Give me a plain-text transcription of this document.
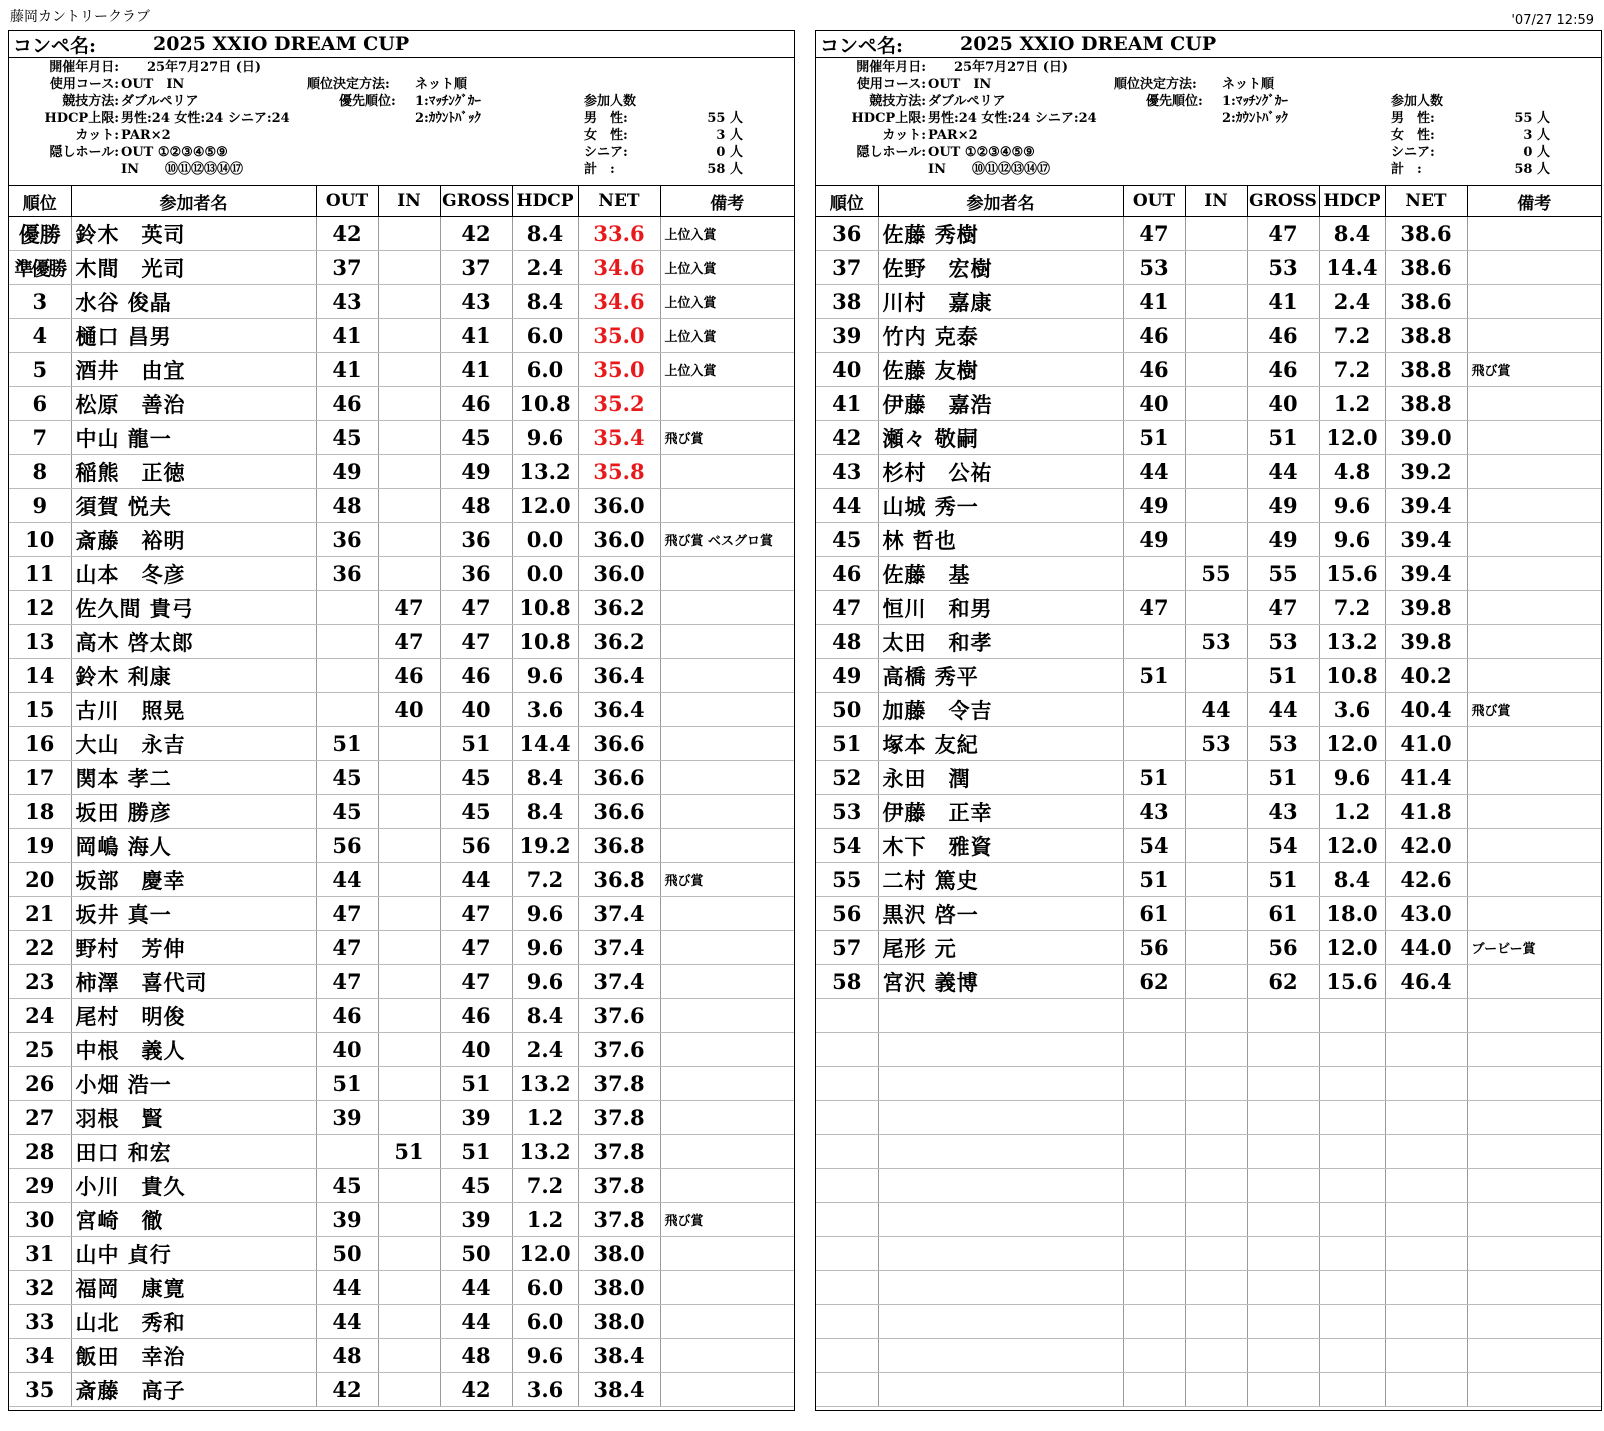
藤岡カントリークラブ	'07/27 12:59
コンペ名:	2025 XXIO DREAM CUP
開催年月日: 25年7月27日 (日)
使用コース: OUT　IN	順位決定方法: ネット順
競技方法: ダブルペリア	優先順位: 1:ﾏｯﾁﾝｸﾞｶｰ
2:ｶｳﾝﾄﾊﾞｯｸ
HDCP上限: 男性:24 女性:24 シニア:24
カット: PAR×2
隠しホール: OUT ①②③④⑤⑨
IN　　⑩⑪⑫⑬⑭⑰
参加人数
男　性:	55 人
女　性:	3 人
シニア:	0 人
計　:	58 人
順位	参加者名	OUT	IN	GROSS	HDCP	NET	備考
優勝	鈴木　英司	42		42	8.4	33.6	上位入賞
準優勝	木間　光司	37		37	2.4	34.6	上位入賞
3	水谷 俊晶	43		43	8.4	34.6	上位入賞
4	樋口 昌男	41		41	6.0	35.0	上位入賞
5	酒井　由宜	41		41	6.0	35.0	上位入賞
6	松原　善治	46		46	10.8	35.2	
7	中山 龍一	45		45	9.6	35.4	飛び賞
8	稲熊　正徳	49		49	13.2	35.8	
9	須賀 悦夫	48		48	12.0	36.0	
10	斎藤　裕明	36		36	0.0	36.0	飛び賞 ベスグロ賞
11	山本　冬彦	36		36	0.0	36.0	
12	佐久間 貴弓		47	47	10.8	36.2	
13	高木 啓太郎		47	47	10.8	36.2	
14	鈴木 利康		46	46	9.6	36.4	
15	古川　照晃		40	40	3.6	36.4	
16	大山　永吉	51		51	14.4	36.6	
17	関本 孝二	45		45	8.4	36.6	
18	坂田 勝彦	45		45	8.4	36.6	
19	岡嶋 海人	56		56	19.2	36.8	
20	坂部　慶幸	44		44	7.2	36.8	飛び賞
21	坂井 真一	47		47	9.6	37.4	
22	野村　芳伸	47		47	9.6	37.4	
23	柿澤　喜代司	47		47	9.6	37.4	
24	尾村　明俊	46		46	8.4	37.6	
25	中根　義人	40		40	2.4	37.6	
26	小畑 浩一	51		51	13.2	37.8	
27	羽根　賢	39		39	1.2	37.8	
28	田口 和宏		51	51	13.2	37.8	
29	小川　貴久	45		45	7.2	37.8	
30	宮崎　徹	39		39	1.2	37.8	飛び賞
31	山中 貞行	50		50	12.0	38.0	
32	福岡　康寛	44		44	6.0	38.0	
33	山北　秀和	44		44	6.0	38.0	
34	飯田　幸治	48		48	9.6	38.4	
35	斎藤　高子	42		42	3.6	38.4	
コンペ名:	2025 XXIO DREAM CUP
開催年月日: 25年7月27日 (日)
使用コース: OUT　IN	順位決定方法: ネット順
競技方法: ダブルペリア	優先順位: 1:ﾏｯﾁﾝｸﾞｶｰ
2:ｶｳﾝﾄﾊﾞｯｸ
HDCP上限: 男性:24 女性:24 シニア:24
カット: PAR×2
隠しホール: OUT ①②③④⑤⑨
IN　　⑩⑪⑫⑬⑭⑰
参加人数
男　性:	55 人
女　性:	3 人
シニア:	0 人
計　:	58 人
順位	参加者名	OUT	IN	GROSS	HDCP	NET	備考
36	佐藤 秀樹	47		47	8.4	38.6	
37	佐野　宏樹	53		53	14.4	38.6	
38	川村　嘉康	41		41	2.4	38.6	
39	竹内 克泰	46		46	7.2	38.8	
40	佐藤 友樹	46		46	7.2	38.8	飛び賞
41	伊藤　嘉浩	40		40	1.2	38.8	
42	瀬々 敬嗣	51		51	12.0	39.0	
43	杉村　公祐	44		44	4.8	39.2	
44	山城 秀一	49		49	9.6	39.4	
45	林 哲也	49		49	9.6	39.4	
46	佐藤　基		55	55	15.6	39.4	
47	恒川　和男	47		47	7.2	39.8	
48	太田　和孝		53	53	13.2	39.8	
49	高橋 秀平	51		51	10.8	40.2	
50	加藤　令吉		44	44	3.6	40.4	飛び賞
51	塚本 友紀		53	53	12.0	41.0	
52	永田　潤	51		51	9.6	41.4	
53	伊藤　正幸	43		43	1.2	41.8	
54	木下　雅資	54		54	12.0	42.0	
55	二村 篤史	51		51	8.4	42.6	
56	黒沢 啓一	61		61	18.0	43.0	
57	尾形 元	56		56	12.0	44.0	ブービー賞
58	宮沢 義博	62		62	15.6	46.4	
